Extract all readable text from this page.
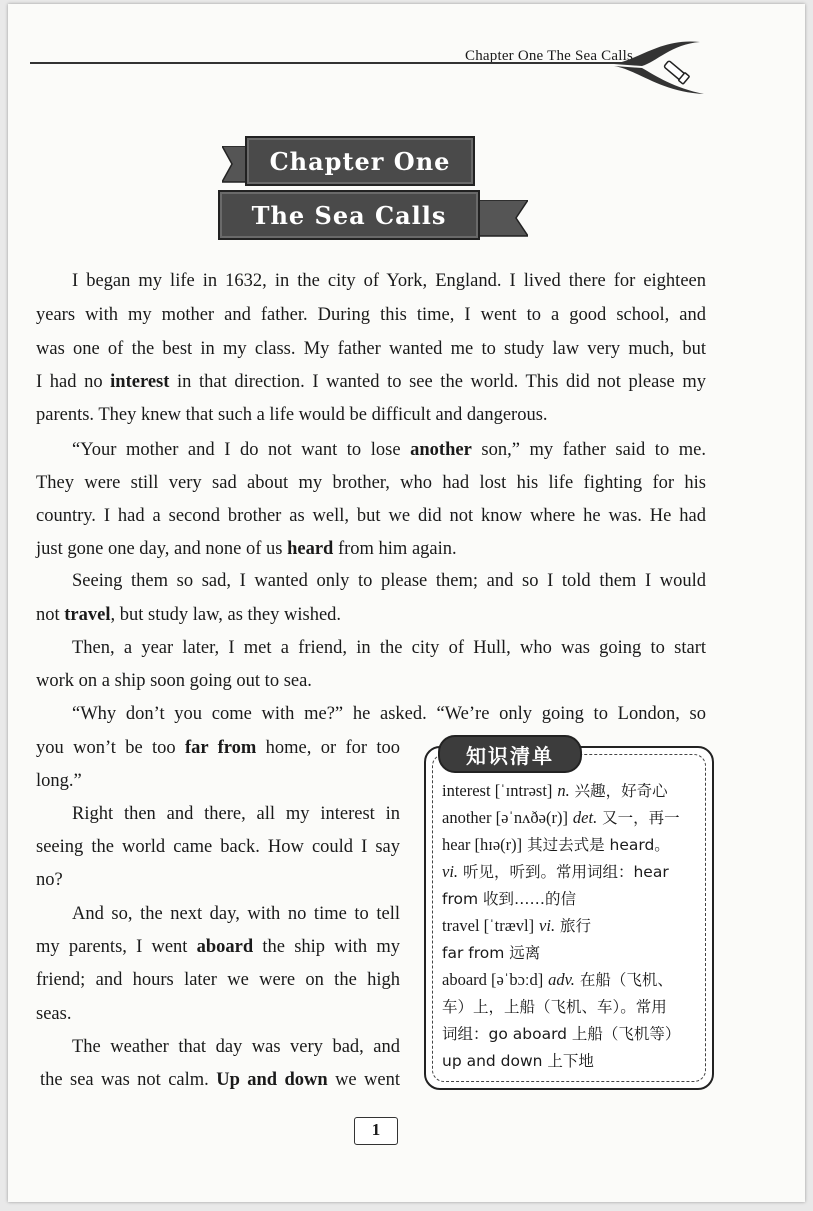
Chapter One The Sea Calls
Chapter One
The Sea Calls
I began my life in 1632, in the city of York, England. I lived there for eighteen
years with my mother and father. During this time, I went to a good school, and
was one of the best in my class. My father wanted me to study law very much, but
I had no interest in that direction. I wanted to see the world. This did not please my
parents. They knew that such a life would be difficult and dangerous.
“Your mother and I do not want to lose another son,” my father said to me.
They were still very sad about my brother, who had lost his life fighting for his
country. I had a second brother as well, but we did not know where he was. He had
just gone one day, and none of us heard from him again.
Seeing them so sad, I wanted only to please them; and so I told them I would
not travel, but study law, as they wished.
Then, a year later, I met a friend, in the city of Hull, who was going to start
work on a ship soon going out to sea.
“Why don’t you come with me?” he asked. “We’re only going to London, so
you won’t be too far from home, or for too
long.”
Right then and there, all my interest in
seeing the world came back. How could I say
no?
And so, the next day, with no time to tell
my parents, I went aboard the ship with my
friend; and hours later we were on the high
seas.
The weather that day was very bad, and
the sea was not calm. Up and down we went
知识清单
interest [ˈɪntrəst] n. 兴趣，好奇心
another [əˈnʌðə(r)] det. 又一，再一
hear [hɪə(r)] 其过去式是 heard。
vi. 听见，听到。常用词组：hear
from 收到……的信
travel [ˈtrævl] vi. 旅行
far from 远离
aboard [əˈbɔːd] adv. 在船（飞机、
车）上，上船（飞机、车）。常用
词组：go aboard 上船（飞机等）
up and down 上下地
1
